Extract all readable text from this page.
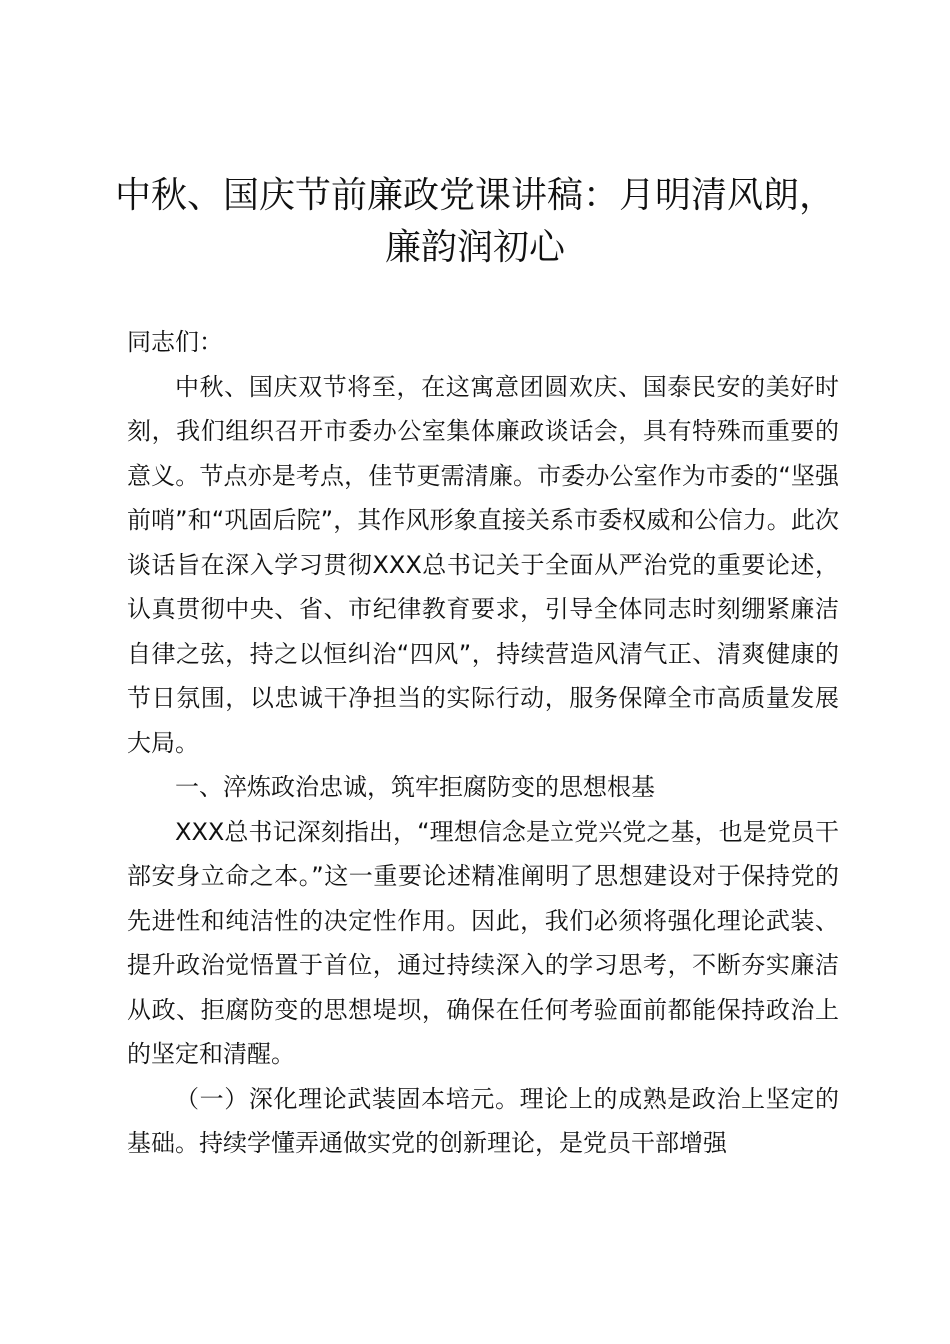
中秋、国庆节前廉政党课讲稿：月明清风朗，
廉韵润初心

同志们：

中秋、国庆双节将至，在这寓意团圆欢庆、国泰民安的美好时刻，我们组织召开市委办公室集体廉政谈话会，具有特殊而重要的意义。节点亦是考点，佳节更需清廉。市委办公室作为市委的“坚强前哨”和“巩固后院”，其作风形象直接关系市委权威和公信力。此次谈话旨在深入学习贯彻XXX总书记关于全面从严治党的重要论述，认真贯彻中央、省、市纪律教育要求，引导全体同志时刻绷紧廉洁自律之弦，持之以恒纠治“四风”，持续营造风清气正、清爽健康的节日氛围，以忠诚干净担当的实际行动，服务保障全市高质量发展大局。

一、淬炼政治忠诚，筑牢拒腐防变的思想根基

XXX总书记深刻指出，“理想信念是立党兴党之基，也是党员干部安身立命之本。”这一重要论述精准阐明了思想建设对于保持党的先进性和纯洁性的决定性作用。因此，我们必须将强化理论武装、提升政治觉悟置于首位，通过持续深入的学习思考，不断夯实廉洁从政、拒腐防变的思想堤坝，确保在任何考验面前都能保持政治上的坚定和清醒。

（一）深化理论武装固本培元。理论上的成熟是政治上坚定的基础。持续学懂弄通做实党的创新理论，是党员干部增强
